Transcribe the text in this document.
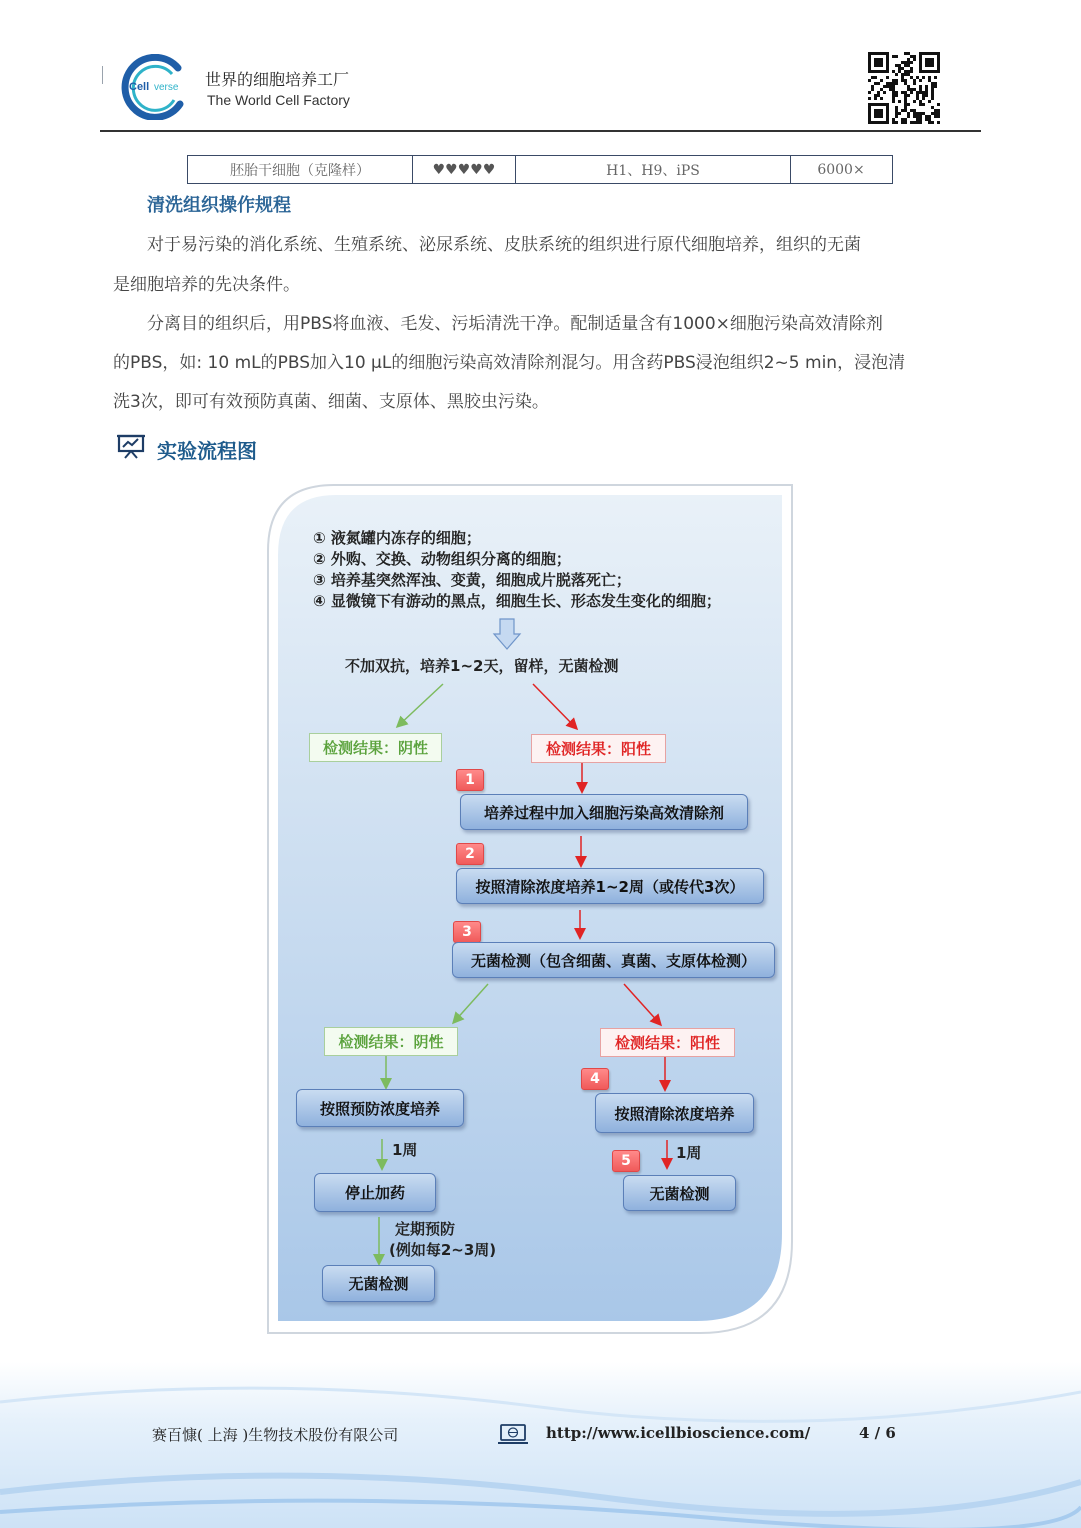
Cell verse 世界的细胞培养工厂
The World Cell Factory
胚胎干细胞（克隆样）	♥♥♥♥♥	H1、H9、iPS	6000×
清洗组织操作规程
对于易污染的消化系统、生殖系统、泌尿系统、皮肤系统的组织进行原代细胞培养，组织的无菌
是细胞培养的先决条件。
分离目的组织后，用PBS将血液、毛发、污垢清洗干净。配制适量含有1000×细胞污染高效清除剂
的PBS，如: 10 mL的PBS加入10 μL的细胞污染高效清除剂混匀。用含药PBS浸泡组织2~5 min，浸泡清
洗3次，即可有效预防真菌、细菌、支原体、黑胶虫污染。
实验流程图
① 液氮罐内冻存的细胞；
② 外购、交换、动物组织分离的细胞；
③ 培养基突然浑浊、变黄，细胞成片脱落死亡；
④ 显微镜下有游动的黑点，细胞生长、形态发生变化的细胞；
不加双抗，培养1~2天，留样，无菌检测
检测结果：阴性	检测结果：阳性
1
培养过程中加入细胞污染高效清除剂
2
按照清除浓度培养1~2周（或传代3次）
3
无菌检测（包含细菌、真菌、支原体检测）
检测结果：阴性	检测结果：阳性
按照预防浓度培养
1周
停止加药
定期预防
(例如每2~3周)
无菌检测
4
按照清除浓度培养
5	1周
无菌检测
赛百慷( 上海 )生物技术股份有限公司	http://www.icellbioscience.com/	4 / 6
